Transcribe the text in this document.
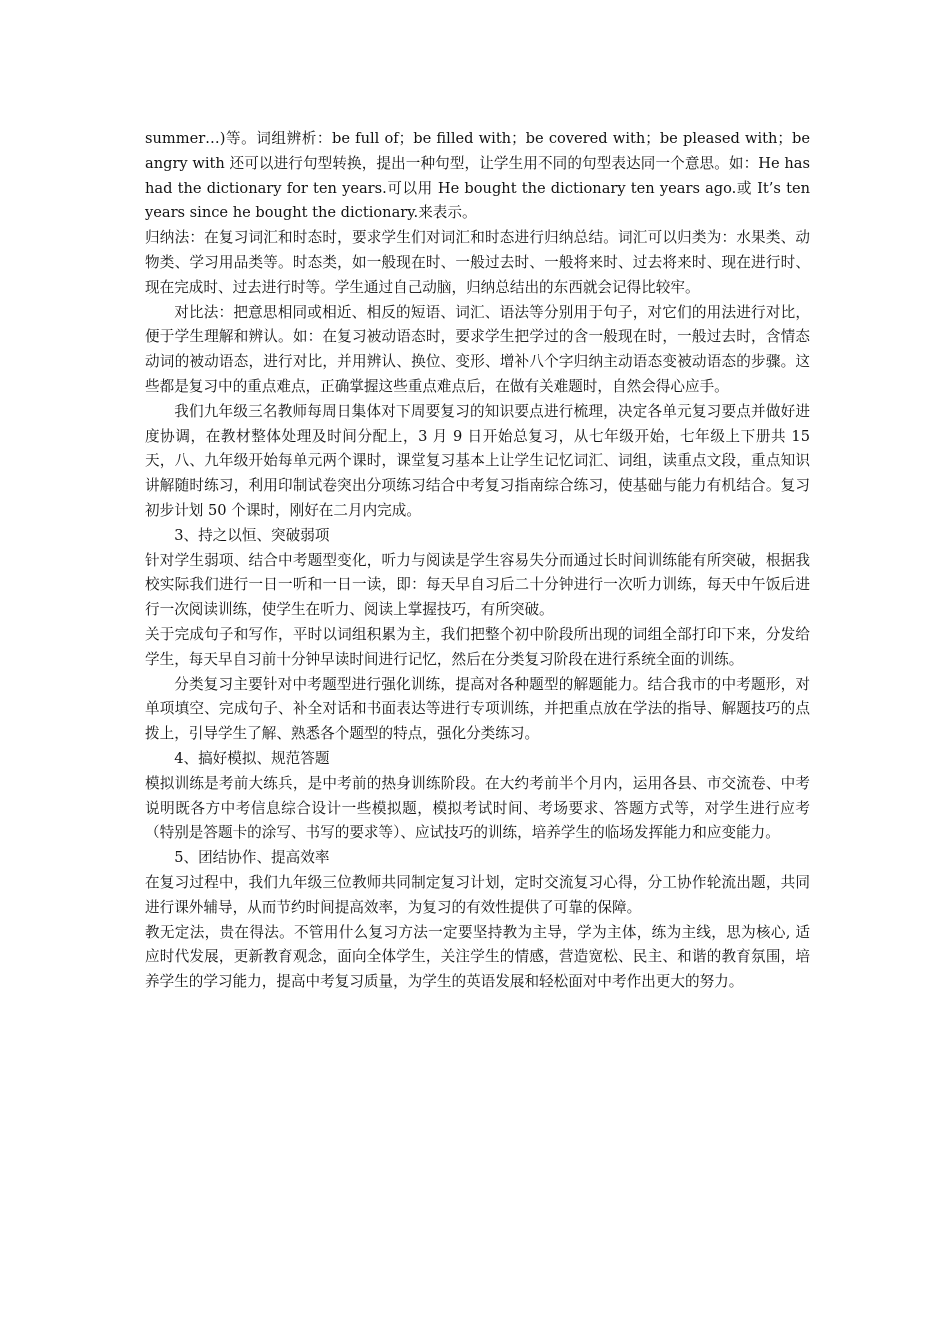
summer…)等。词组辨析：be full of；be filled with；be covered with；be pleased with；be angry with 还可以进行句型转换，提出一种句型，让学生用不同的句型表达同一个意思。如：He has had the dictionary for ten years.可以用 He bought the dictionary ten years ago.或 It’s ten years since he bought the dictionary.来表示。

归纳法：在复习词汇和时态时，要求学生们对词汇和时态进行归纳总结。词汇可以归类为：水果类、动物类、学习用品类等。时态类，如一般现在时、一般过去时、一般将来时、过去将来时、现在进行时、现在完成时、过去进行时等。学生通过自己动脑，归纳总结出的东西就会记得比较牢。

对比法：把意思相同或相近、相反的短语、词汇、语法等分别用于句子，对它们的用法进行对比，便于学生理解和辨认。如：在复习被动语态时，要求学生把学过的含一般现在时，一般过去时，含情态动词的被动语态，进行对比，并用辨认、换位、变形、增补八个字归纳主动语态变被动语态的步骤。这些都是复习中的重点难点，正确掌握这些重点难点后，在做有关难题时，自然会得心应手。

我们九年级三名教师每周日集体对下周要复习的知识要点进行梳理，决定各单元复习要点并做好进度协调，在教材整体处理及时间分配上，3 月 9 日开始总复习，从七年级开始，七年级上下册共 15 天，八、九年级开始每单元两个课时，课堂复习基本上让学生记忆词汇、词组，读重点文段，重点知识讲解随时练习，利用印制试卷突出分项练习结合中考复习指南综合练习，使基础与能力有机结合。复习初步计划 50 个课时，刚好在二月内完成。

3、持之以恒、突破弱项

针对学生弱项、结合中考题型变化，听力与阅读是学生容易失分而通过长时间训练能有所突破，根据我校实际我们进行一日一听和一日一读，即：每天早自习后二十分钟进行一次听力训练，每天中午饭后进行一次阅读训练，使学生在听力、阅读上掌握技巧，有所突破。

关于完成句子和写作，平时以词组积累为主，我们把整个初中阶段所出现的词组全部打印下来，分发给学生，每天早自习前十分钟早读时间进行记忆，然后在分类复习阶段在进行系统全面的训练。

分类复习主要针对中考题型进行强化训练，提高对各种题型的解题能力。结合我市的中考题形，对单项填空、完成句子、补全对话和书面表达等进行专项训练，并把重点放在学法的指导、解题技巧的点拨上，引导学生了解、熟悉各个题型的特点，强化分类练习。

4、搞好模拟、规范答题

模拟训练是考前大练兵，是中考前的热身训练阶段。在大约考前半个月内，运用各县、市交流卷、中考说明既各方中考信息综合设计一些模拟题，模拟考试时间、考场要求、答题方式等，对学生进行应考（特别是答题卡的涂写、书写的要求等）、应试技巧的训练，培养学生的临场发挥能力和应变能力。

5、团结协作、提高效率

在复习过程中，我们九年级三位教师共同制定复习计划，定时交流复习心得，分工协作轮流出题，共同进行课外辅导，从而节约时间提高效率，为复习的有效性提供了可靠的保障。

教无定法，贵在得法。不管用什么复习方法一定要坚持教为主导，学为主体，练为主线，思为核心, 适应时代发展，更新教育观念，面向全体学生，关注学生的情感，营造宽松、民主、和谐的教育氛围，培养学生的学习能力，提高中考复习质量，为学生的英语发展和轻松面对中考作出更大的努力。
